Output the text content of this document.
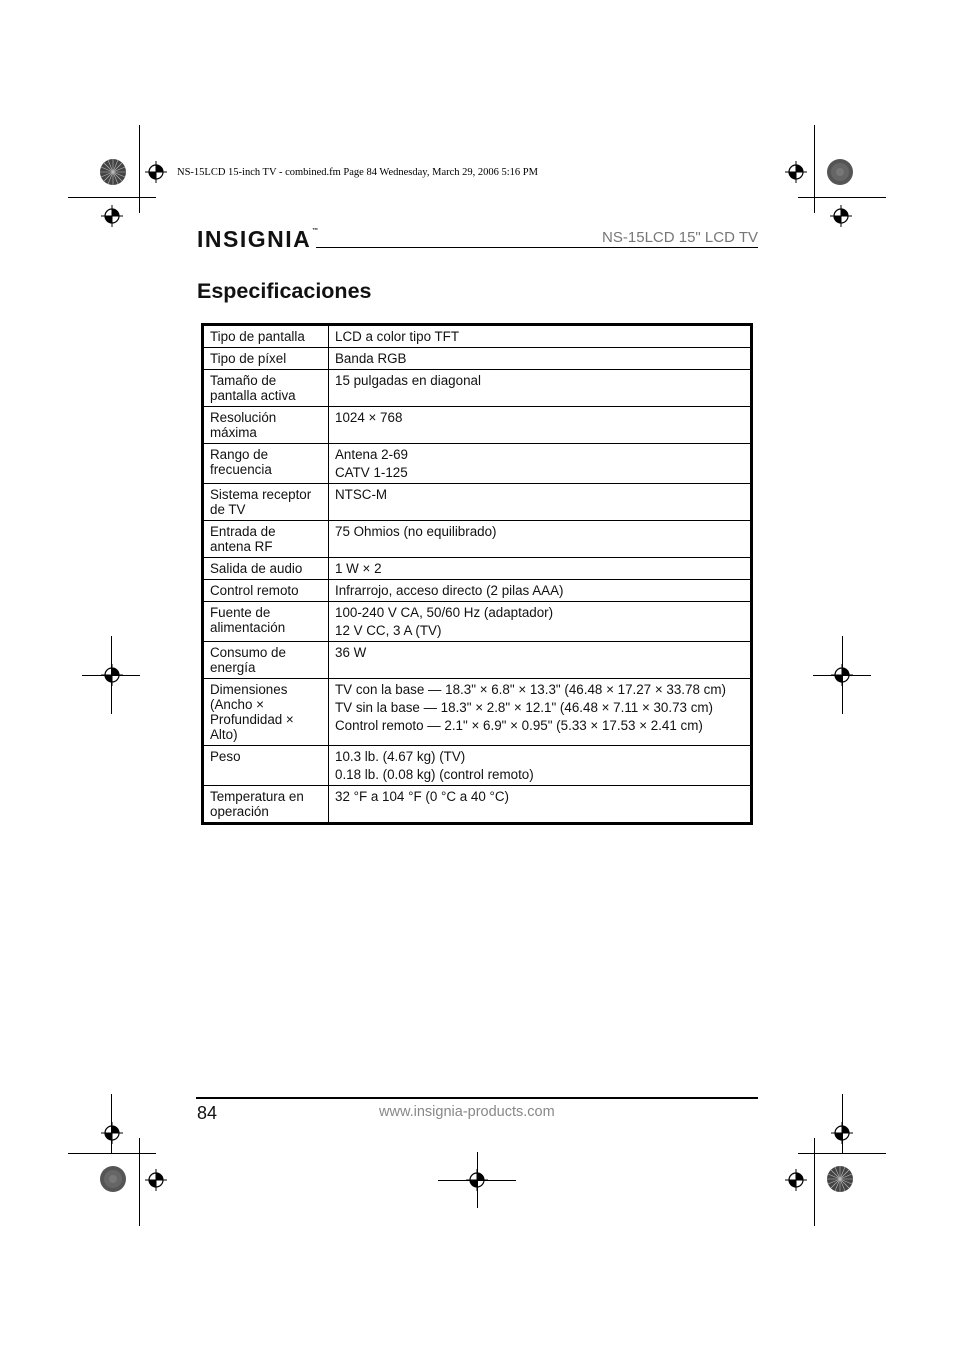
NS-15LCD 15-inch TV - combined.fm Page 84 Wednesday, March 29, 2006 5:16 PM
INSIGNIA™	NS-15LCD 15" LCD TV
Especificaciones
Tipo de pantalla	LCD a color tipo TFT

Tipo de píxel	Banda RGB

Tamaño de
pantalla activa	15 pulgadas en diagonal

Resolución
máxima	1024 × 768

Rango de
frecuencia	Antena 2-69
CATV 1-125

Sistema receptor
de TV	NTSC-M

Entrada de
antena RF	75 Ohmios (no equilibrado)

Salida de audio	1 W × 2

Control remoto	Infrarrojo, acceso directo (2 pilas AAA)

Fuente de
alimentación	100-240 V CA, 50/60 Hz (adaptador)
12 V CC, 3 A (TV)

Consumo de
energía	36 W

Dimensiones
(Ancho ×
Profundidad ×
Alto)	TV con la base — 18.3" × 6.8" × 13.3" (46.48 × 17.27 × 33.78 cm)
TV sin la base — 18.3" × 2.8" × 12.1" (46.48 × 7.11 × 30.73 cm)
Control remoto — 2.1" × 6.9" × 0.95" (5.33 × 17.53 × 2.41 cm)

Peso	10.3 lb. (4.67 kg) (TV)
0.18 lb. (0.08 kg) (control remoto)

Temperatura en
operación	32 °F a 104 °F (0 °C a 40 °C)
84	www.insignia-products.com
